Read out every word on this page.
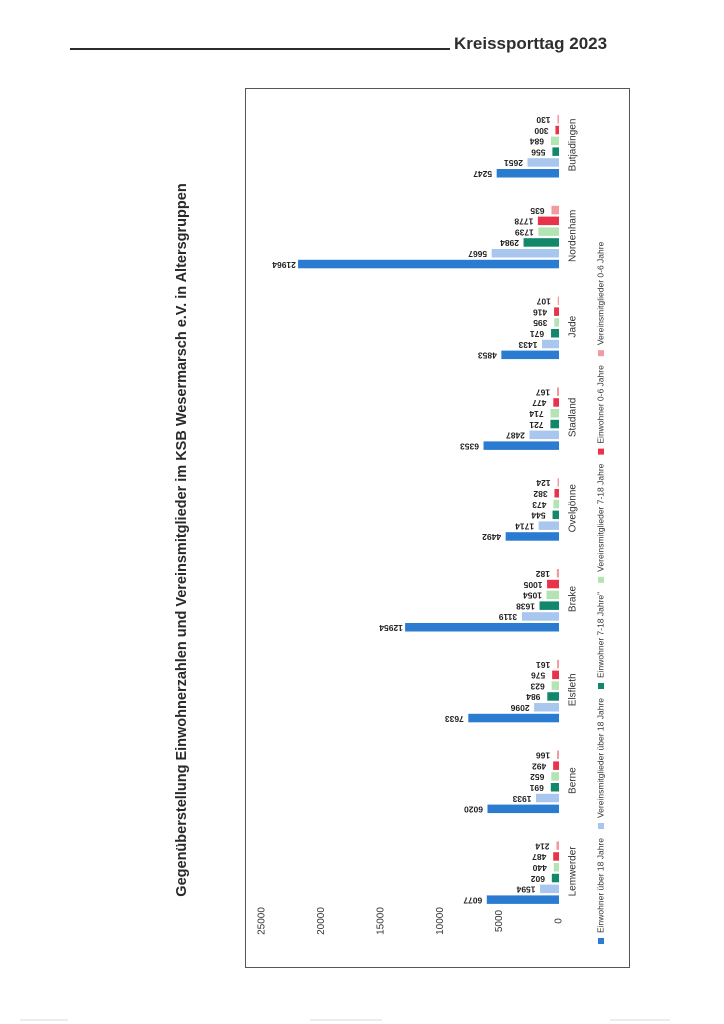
Kreissporttag 2023
Gegenüberstellung Einwohnerzahlen und Vereinsmitglieder im KSB Wesermarsch e.V. in Altersgruppen
0
5000
10000
15000
20000
25000
6077
1594
602
440
487
214 Lemwerder
6020
1933
691
652
492
166
Berne
7633
2096
984
623
576
161
Elsfleth
12954
3119
1638
1054
1005
182
Brake
4492
1714
544
473
382
124
Ovelgönne
6353
2487
721
714
477
167
Stadland
4853
1433
671
395
416
107
Jade
21964
5667
2984
1739
1778
635 Nordenham
5247
2651
556
684
300
130 Butjadingen
Einwohner über 18 Jahre
Vereinsmitglieder über 18 Jahre
Einwohner 7-18 Jahre"
Vereinsmitglieder 7-18 Jahre
Einwohner 0-6 Jahre
Vereinsmitglieder 0-6 Jahre
